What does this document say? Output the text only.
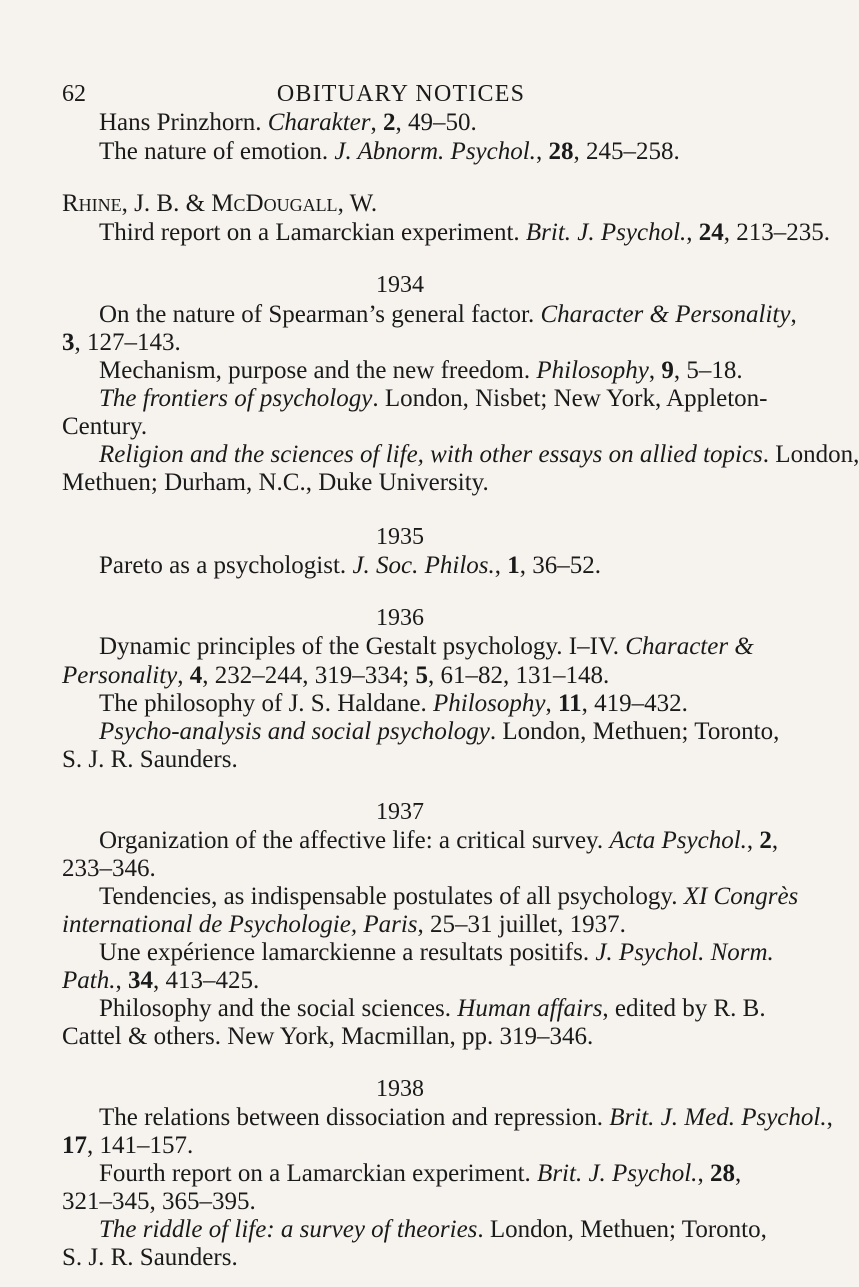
62	OBITUARY NOTICES
Hans Prinzhorn. Charakter, 2, 49–50.
The nature of emotion. J. Abnorm. Psychol., 28, 245–258.
Rhine, J. B. & McDougall, W.
Third report on a Lamarckian experiment. Brit. J. Psychol., 24, 213–235.
1934
On the nature of Spearman’s general factor. Character & Personality,
3, 127–143.
Mechanism, purpose and the new freedom. Philosophy, 9, 5–18.
The frontiers of psychology. London, Nisbet; New York, Appleton-
Century.
Religion and the sciences of life, with other essays on allied topics. London,
Methuen; Durham, N.C., Duke University.
1935
Pareto as a psychologist. J. Soc. Philos., 1, 36–52.
1936
Dynamic principles of the Gestalt psychology. I–IV. Character &
Personality, 4, 232–244, 319–334; 5, 61–82, 131–148.
The philosophy of J. S. Haldane. Philosophy, 11, 419–432.
Psycho-analysis and social psychology. London, Methuen; Toronto,
S. J. R. Saunders.
1937
Organization of the affective life: a critical survey. Acta Psychol., 2,
233–346.
Tendencies, as indispensable postulates of all psychology. XI Congrès
international de Psychologie, Paris, 25–31 juillet, 1937.
Une expérience lamarckienne a resultats positifs. J. Psychol. Norm.
Path., 34, 413–425.
Philosophy and the social sciences. Human affairs, edited by R. B.
Cattel & others. New York, Macmillan, pp. 319–346.
1938
The relations between dissociation and repression. Brit. J. Med. Psychol.,
17, 141–157.
Fourth report on a Lamarckian experiment. Brit. J. Psychol., 28,
321–345, 365–395.
The riddle of life: a survey of theories. London, Methuen; Toronto,
S. J. R. Saunders.
